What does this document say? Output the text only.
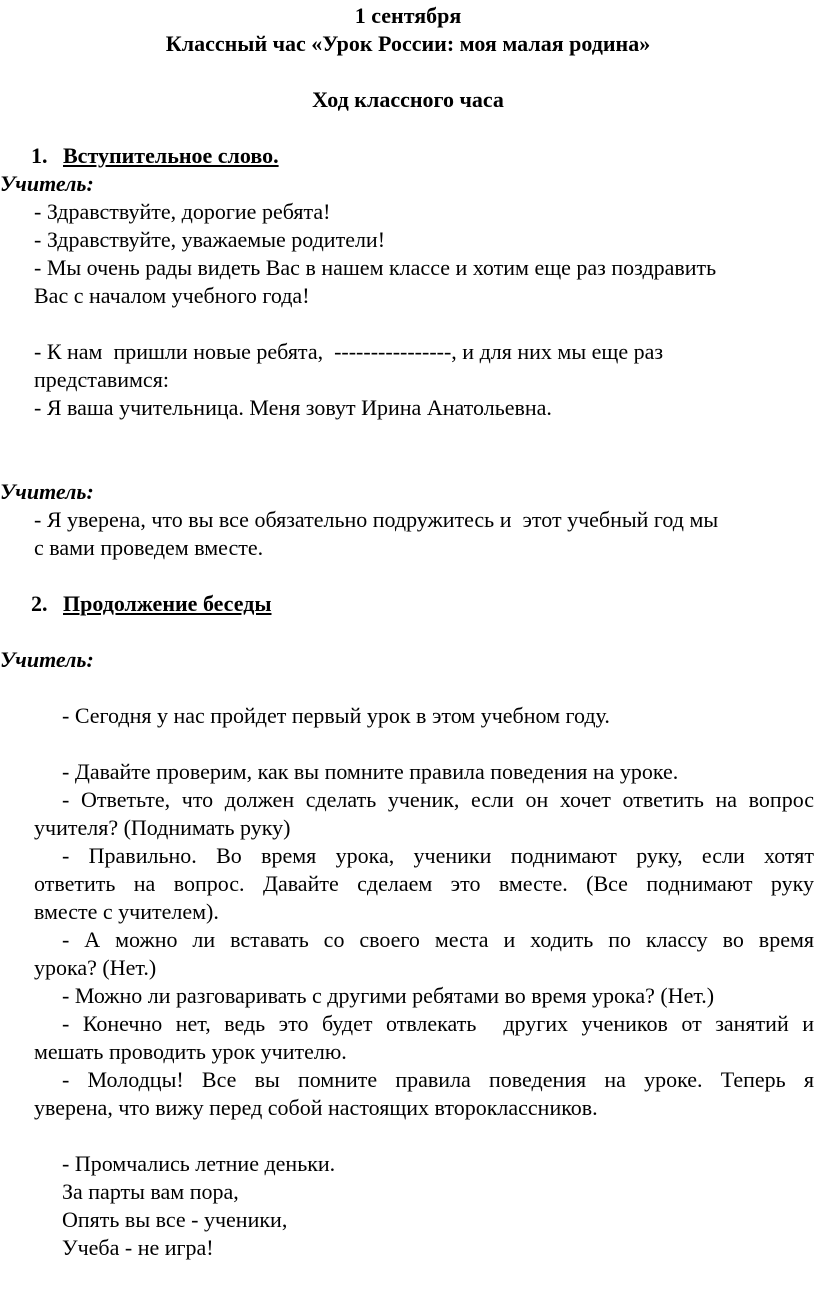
1 сентября
Классный час «Урок России: моя малая родина»
Ход классного часа
1. Вступительное слово.
Учитель:
- Здравствуйте, дорогие ребята!
- Здравствуйте, уважаемые родители!
- Мы очень рады видеть Вас в нашем классе и хотим еще раз поздравить
Вас с началом учебного года!
- К нам  пришли новые ребята,  ----------------, и для них мы еще раз
представимся:
- Я ваша учительница. Меня зовут Ирина Анатольевна.
Учитель:
- Я уверена, что вы все обязательно подружитесь и  этот учебный год мы
с вами проведем вместе.
2. Продолжение беседы
Учитель:
- Сегодня у нас пройдет первый урок в этом учебном году.
- Давайте проверим, как вы помните правила поведения на уроке.
- Ответьте, что должен сделать ученик, если он хочет ответить на вопрос
учителя? (Поднимать руку)
- Правильно. Во время урока, ученики поднимают руку, если хотят
ответить на вопрос. Давайте сделаем это вместе. (Все поднимают руку
вместе с учителем).
- А можно ли вставать со своего места и ходить по классу во время
урока? (Нет.)
- Можно ли разговаривать с другими ребятами во время урока? (Нет.)
- Конечно нет, ведь это будет отвлекать  других учеников от занятий и
мешать проводить урок учителю.
- Молодцы! Все вы помните правила поведения на уроке. Теперь я
уверена, что вижу перед собой настоящих второклассников.
- Промчались летние деньки.
За парты вам пора,
Опять вы все - ученики,
Учеба - не игра!
